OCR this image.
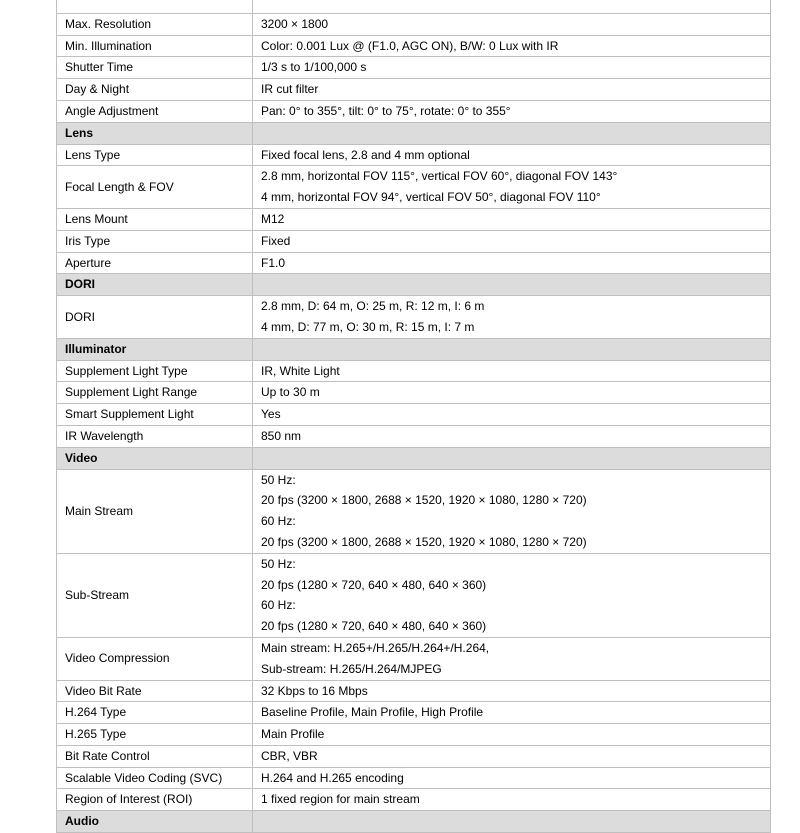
Max. Resolution	3200 × 1800

Min. Illumination	Color: 0.001 Lux @ (F1.0, AGC ON), B/W: 0 Lux with IR

Shutter Time	1/3 s to 1/100,000 s

Day & Night	IR cut filter

Angle Adjustment	Pan: 0° to 355°, tilt: 0° to 75°, rotate: 0° to 355°

Lens	
Lens Type	Fixed focal lens, 2.8 and 4 mm optional

Focal Length & FOV	2.8 mm, horizontal FOV 115°, vertical FOV 60°, diagonal FOV 143°
4 mm, horizontal FOV 94°, vertical FOV 50°, diagonal FOV 110°

Lens Mount	M12

Iris Type	Fixed

Aperture	F1.0

DORI	
DORI	2.8 mm, D: 64 m, O: 25 m, R: 12 m, I: 6 m
4 mm, D: 77 m, O: 30 m, R: 15 m, I: 7 m

Illuminator	
Supplement Light Type	IR, White Light

Supplement Light Range	Up to 30 m

Smart Supplement Light	Yes

IR Wavelength	850 nm

Video	
Main Stream	50 Hz:
20 fps (3200 × 1800, 2688 × 1520, 1920 × 1080, 1280 × 720)
60 Hz:
20 fps (3200 × 1800, 2688 × 1520, 1920 × 1080, 1280 × 720)

Sub-Stream	50 Hz:
20 fps (1280 × 720, 640 × 480, 640 × 360)
60 Hz:
20 fps (1280 × 720, 640 × 480, 640 × 360)

Video Compression	Main stream: H.265+/H.265/H.264+/H.264,
Sub-stream: H.265/H.264/MJPEG

Video Bit Rate	32 Kbps to 16 Mbps

H.264 Type	Baseline Profile, Main Profile, High Profile

H.265 Type	Main Profile

Bit Rate Control	CBR, VBR

Scalable Video Coding (SVC)	H.264 and H.265 encoding

Region of Interest (ROI)	1 fixed region for main stream

Audio	
